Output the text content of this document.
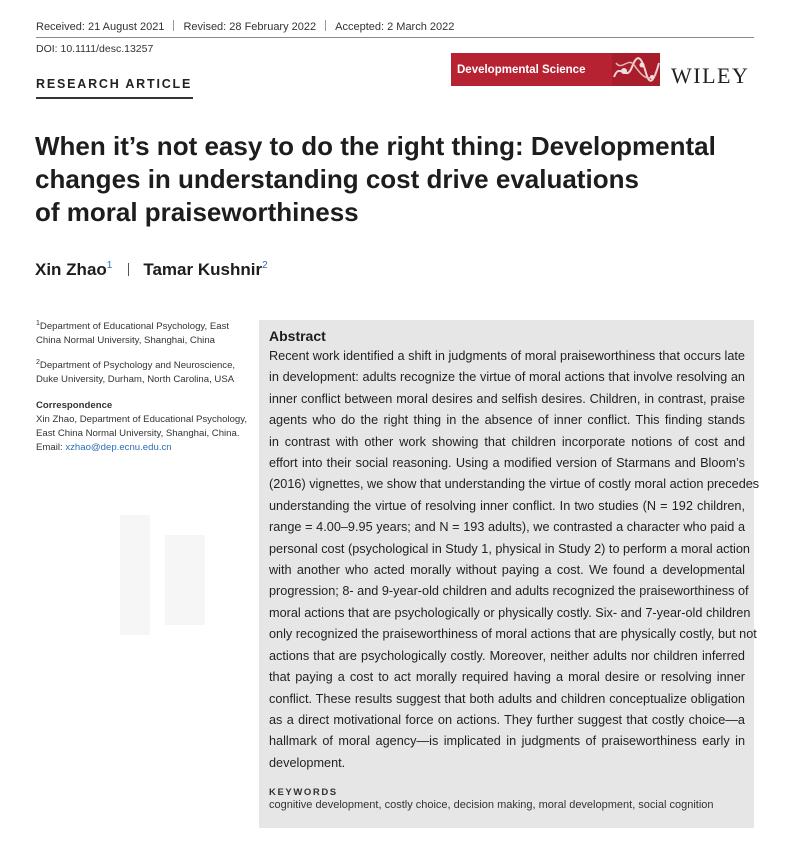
Received: 21 August 2021 Revised: 28 February 2022 Accepted: 2 March 2022
DOI: 10.1111/desc.13257
RESEARCH ARTICLE
Developmental Science	WILEY
When it’s not easy to do the right thing: Developmental
changes in understanding cost drive evaluations
of moral praiseworthiness
Xin Zhao$^1$ Tamar Kushnir$^2$
$^1$Department of Educational Psychology, East China Normal University, Shanghai, China
$^2$Department of Psychology and Neuroscience, Duke University, Durham, North Carolina, USA
Correspondence
Xin Zhao, Department of Educational Psychology, East China Normal University, Shanghai, China.
Email: xzhao@dep.ecnu.edu.cn
Abstract
Recent work identified a shift in judgments of moral praiseworthiness that occurs late
in development: adults recognize the virtue of moral actions that involve resolving an
inner conflict between moral desires and selfish desires. Children, in contrast, praise
agents who do the right thing in the absence of inner conflict. This finding stands
in contrast with other work showing that children incorporate notions of cost and
effort into their social reasoning. Using a modified version of Starmans and Bloom’s
(2016) vignettes, we show that understanding the virtue of costly moral action precedes
understanding the virtue of resolving inner conflict. In two studies (N = 192 children,
range = 4.00–9.95 years; and N = 193 adults), we contrasted a character who paid a
personal cost (psychological in Study 1, physical in Study 2) to perform a moral action
with another who acted morally without paying a cost. We found a developmental
progression; 8- and 9-year-old children and adults recognized the praiseworthiness of
moral actions that are psychologically or physically costly. Six- and 7-year-old children
only recognized the praiseworthiness of moral actions that are physically costly, but not
actions that are psychologically costly. Moreover, neither adults nor children inferred
that paying a cost to act morally required having a moral desire or resolving inner
conflict. These results suggest that both adults and children conceptualize obligation
as a direct motivational force on actions. They further suggest that costly choice—a
hallmark of moral agency—is implicated in judgments of praiseworthiness early in
development.
KEYWORDS
cognitive development, costly choice, decision making, moral development, social cognition
